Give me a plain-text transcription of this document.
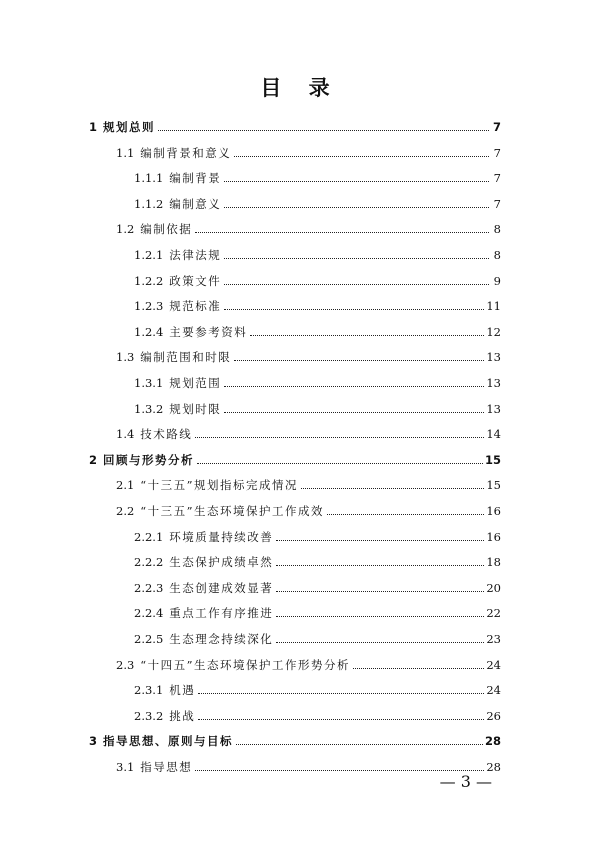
目 录
1 规划总则	7
1.1 编制背景和意义	7
1.1.1 编制背景	7
1.1.2 编制意义	7
1.2 编制依据	8
1.2.1 法律法规	8
1.2.2 政策文件	9
1.2.3 规范标准	11
1.2.4 主要参考资料	12
1.3 编制范围和时限	13
1.3.1 规划范围	13
1.3.2 规划时限	13
1.4 技术路线	14
2 回顾与形势分析	15
2.1 “十三五”规划指标完成情况	15
2.2 “十三五”生态环境保护工作成效	16
2.2.1 环境质量持续改善	16
2.2.2 生态保护成绩卓然	18
2.2.3 生态创建成效显著	20
2.2.4 重点工作有序推进	22
2.2.5 生态理念持续深化	23
2.3 “十四五”生态环境保护工作形势分析	24
2.3.1 机遇	24
2.3.2 挑战	26
3 指导思想、原则与目标	28
3.1 指导思想	28
— 3 —
